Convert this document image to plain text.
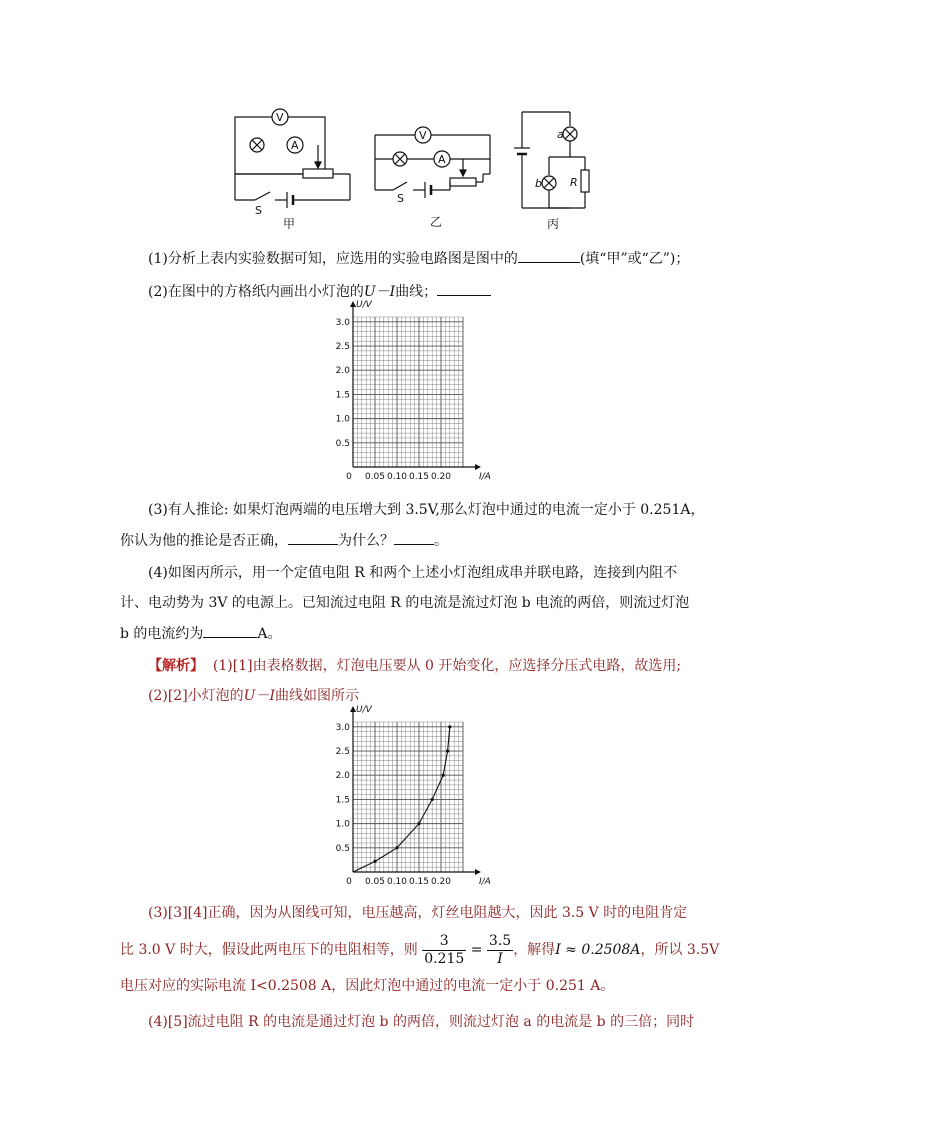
V
A
S
V
A
S
a
b	R
甲	乙	丙
(1)分析上表内实验数据可知，应选用的实验电路图是图中的	(填“甲”或“乙”)；
(2)在图中的方格纸内画出小灯泡的U－I曲线；
U/V
I/A
3.0
2.5
2.0
1.5
1.0
0.5
0 0.05 0.10 0.15 0.20
(3)有人推论: 如果灯泡两端的电压增大到 3.5V,那么灯泡中通过的电流一定小于 0.251A，
你认为他的推论是否正确，	为什么？	。
(4)如图丙所示，用一个定值电阻 R 和两个上述小灯泡组成串并联电路，连接到内阻不
计、电动势为 3V 的电源上。已知流过电阻 R 的电流是流过灯泡 b 电流的两倍，则流过灯泡
b 的电流约为	A。
【解析】 (1)[1]由表格数据，灯泡电压要从 0 开始变化，应选择分压式电路，故选用;
(2)[2]小灯泡的U－I曲线如图所示
U/V
I/A
3.0
2.5
2.0
1.5
1.0
0.5
0 0.05 0.10 0.15 0.20
(3)[3][4]正确，因为从图线可知，电压越高，灯丝电阻越大，因此 3.5 V 时的电阻肯定
比 3.0 V 时大，假设此两电压下的电阻相等，则 $\frac{3}{0.215} = \frac{3.5}{I}$ ，解得I ≈ 0.2508A，所以 3.5V
电压对应的实际电流 I<0.2508 A，因此灯泡中通过的电流一定小于 0.251 A。
(4)[5]流过电阻 R 的电流是通过灯泡 b 的两倍，则流过灯泡 a 的电流是 b 的三倍；同时
